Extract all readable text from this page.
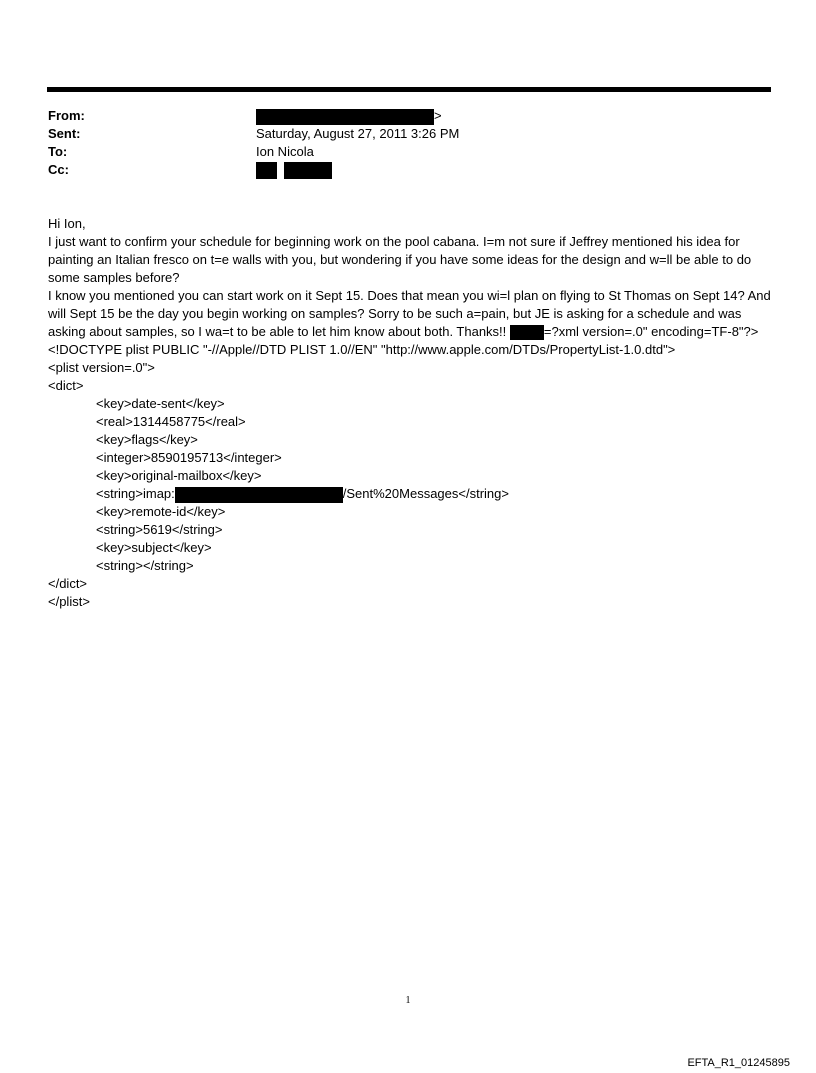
From:	>
Sent:	Saturday, August 27, 2011 3:26 PM
To:	Ion Nicola
Cc:

Hi Ion,

I just want to confirm your schedule for beginning work on the pool cabana. I=m not sure if Jeffrey mentioned his idea for painting an Italian fresco on t=e walls with you, but wondering if you have some ideas for the design and w=ll be able to do some samples before?

I know you mentioned you can start work on it Sept 15. Does that mean you wi=l plan on flying to St Thomas on Sept 14? And will Sept 15 be the day you begin working on samples? Sorry to be such a=pain, but JE is asking for a schedule and was asking about samples, so I wa=t to be able to let him know about both. Thanks!!	=?xml version=.0" encoding=TF-8"?> <!DOCTYPE plist PUBLIC "-//Apple//DTD PLIST 1.0//EN" "http://www.apple.com/DTDs/PropertyList-1.0.dtd">

<plist version=.0">

<dict>

<key>date-sent</key>

<real>1314458775</real>

<key>flags</key>

<integer>8590195713</integer>

<key>original-mailbox</key>

<string>imap:	/Sent%20Messages</string>

<key>remote-id</key>

<string>5619</string>

<key>subject</key>

<string></string>

</dict>

</plist>

1
EFTA_R1_01245895
